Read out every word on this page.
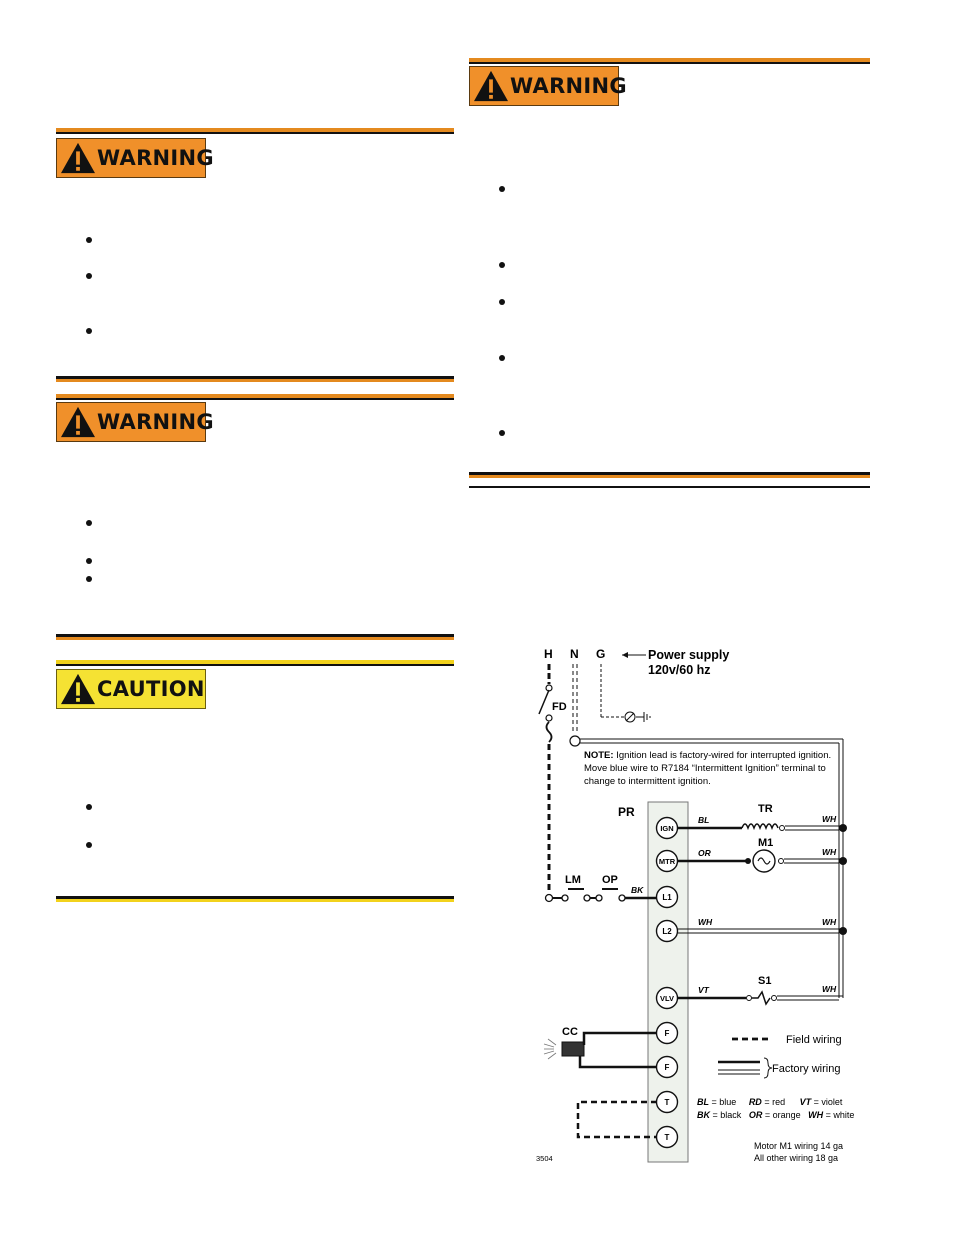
WARNING
WARNING
CAUTION
WARNING
H N G	Power supply
120v/60 hz
FD
NOTE: Ignition lead is factory-wired for interrupted ignition.
Move blue wire to R7184 “Intermittent Ignition” terminal to
change to intermittent ignition.
PR
IGN
MTR
L1
L2
VLV
F
F
T
T
BL
TR
WH
OR
M1
WH
LM OP
BK
WH	WH
VT
S1
WH
CC
Field wiring
Factory wiring
BL = blue RD = red VT = violet
BK = black OR = orange WH = white
Motor M1 wiring 14 ga
All other wiring 18 ga
3504
